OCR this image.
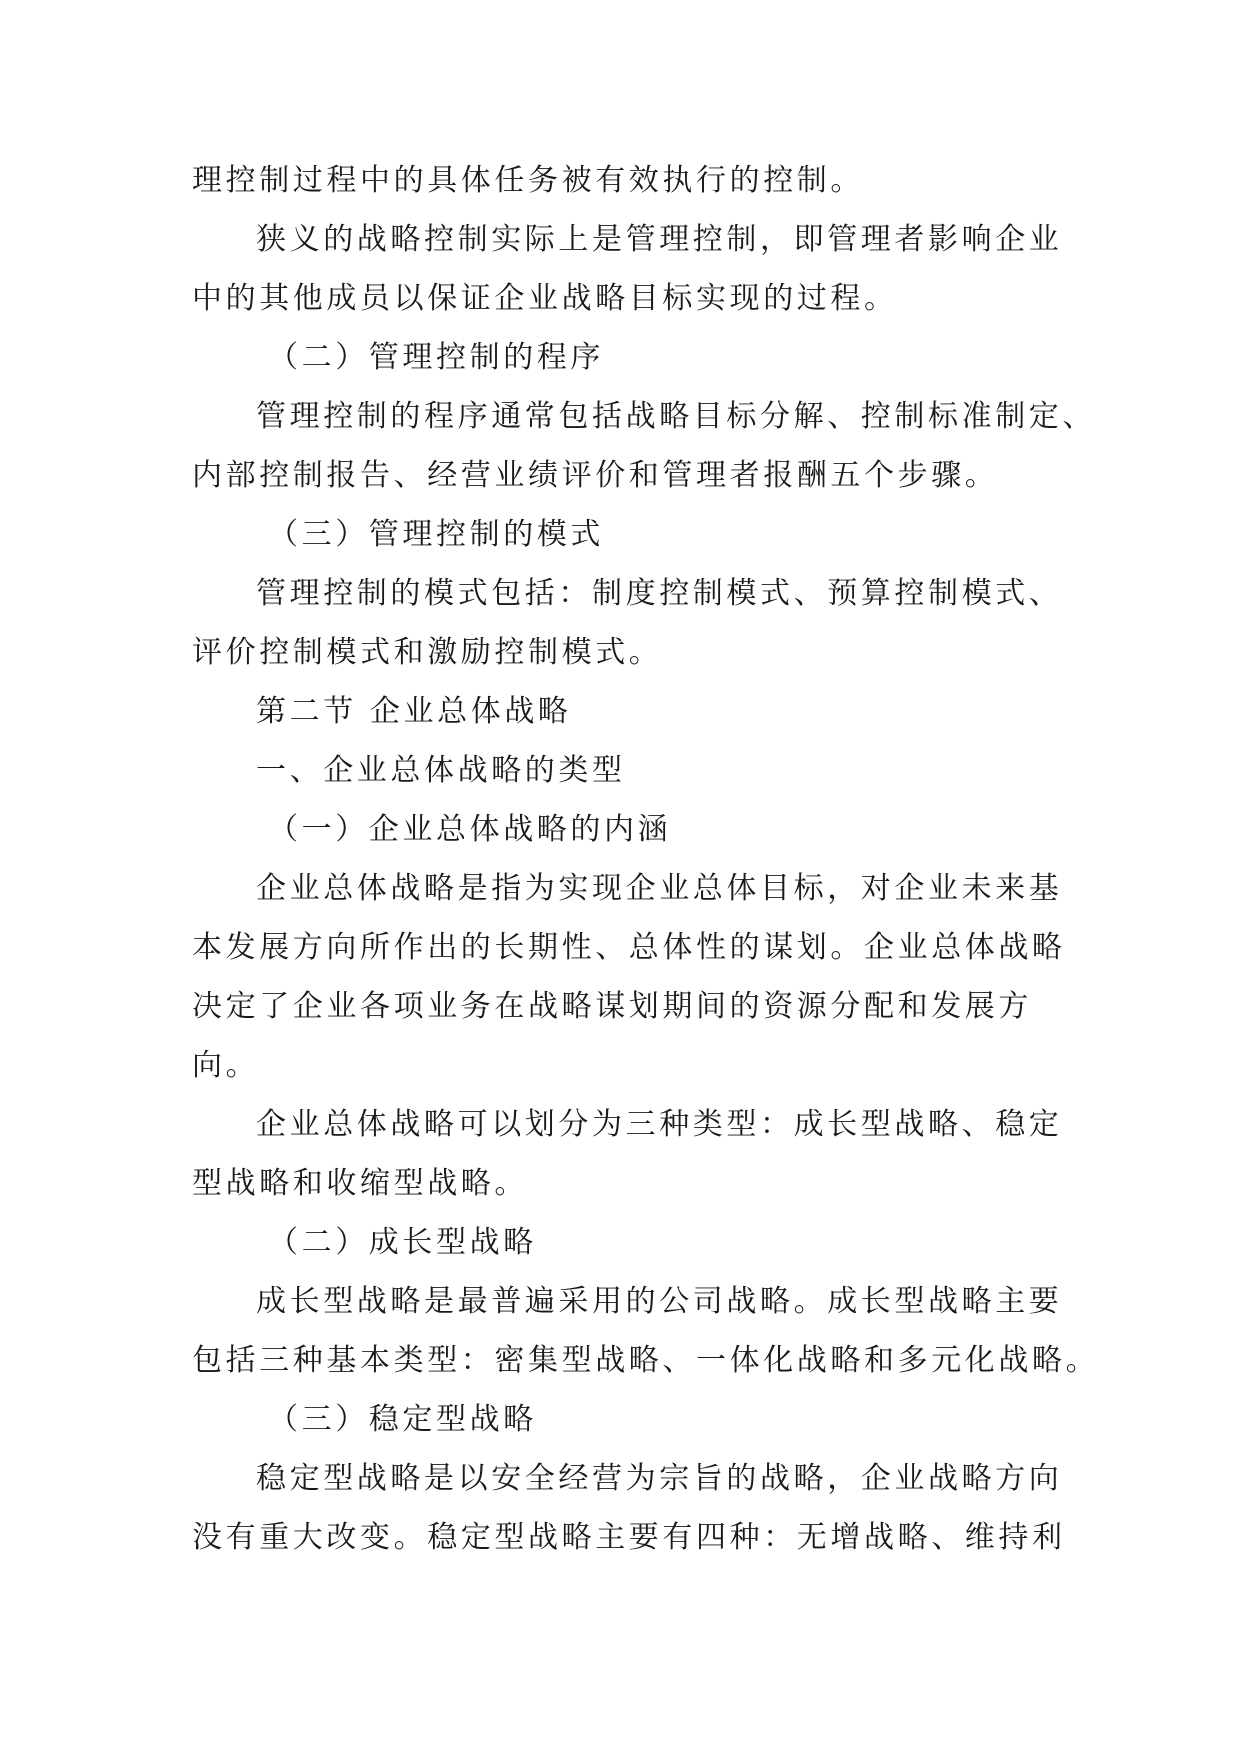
理控制过程中的具体任务被有效执行的控制。
狭义的战略控制实际上是管理控制，即管理者影响企业
中的其他成员以保证企业战略目标实现的过程。
（二）管理控制的程序
管理控制的程序通常包括战略目标分解、控制标准制定、
内部控制报告、经营业绩评价和管理者报酬五个步骤。
（三）管理控制的模式
管理控制的模式包括：制度控制模式、预算控制模式、
评价控制模式和激励控制模式。
第二节 企业总体战略
一、企业总体战略的类型
（一）企业总体战略的内涵
企业总体战略是指为实现企业总体目标，对企业未来基
本发展方向所作出的长期性、总体性的谋划。企业总体战略
决定了企业各项业务在战略谋划期间的资源分配和发展方
向。
企业总体战略可以划分为三种类型：成长型战略、稳定
型战略和收缩型战略。
（二）成长型战略
成长型战略是最普遍采用的公司战略。成长型战略主要
包括三种基本类型：密集型战略、一体化战略和多元化战略。
（三）稳定型战略
稳定型战略是以安全经营为宗旨的战略，企业战略方向
没有重大改变。稳定型战略主要有四种：无增战略、维持利
